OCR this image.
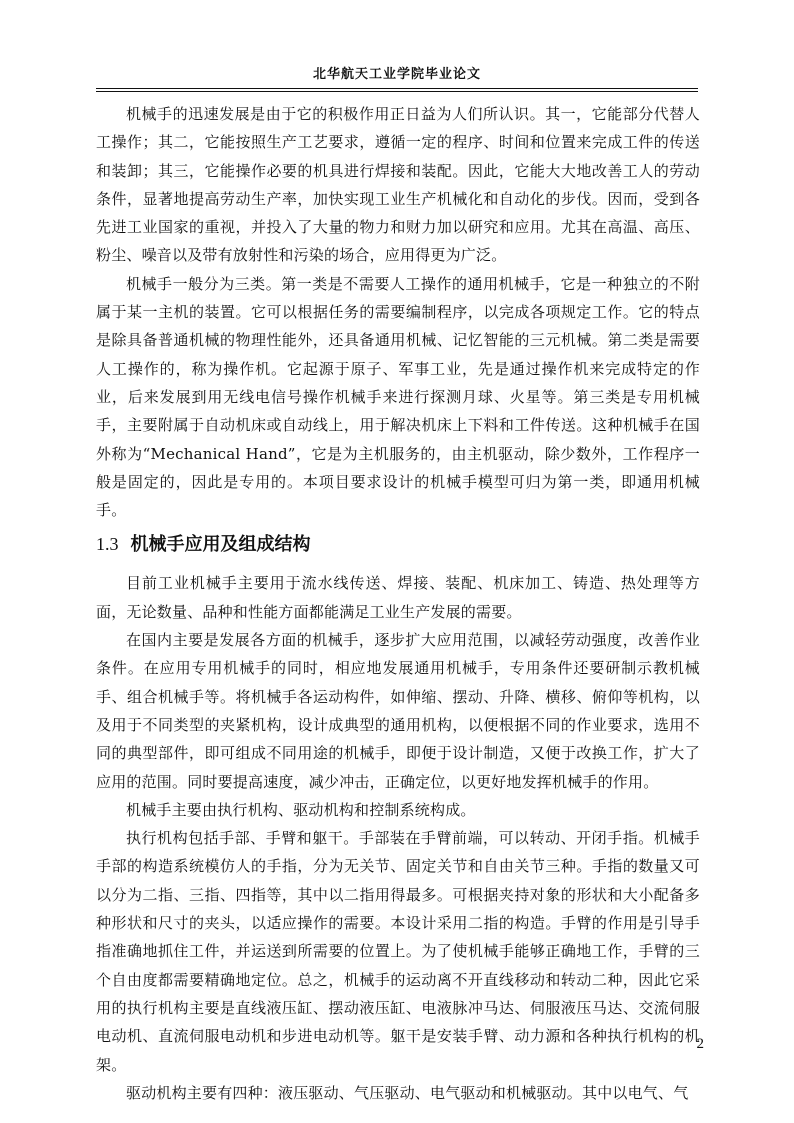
北华航天工业学院毕业论文

机械手的迅速发展是由于它的积极作用正日益为人们所认识。其一，它能部分代替人工操作；其二，它能按照生产工艺要求，遵循一定的程序、时间和位置来完成工件的传送和装卸；其三，它能操作必要的机具进行焊接和装配。因此，它能大大地改善工人的劳动条件，显著地提高劳动生产率，加快实现工业生产机械化和自动化的步伐。因而，受到各先进工业国家的重视，并投入了大量的物力和财力加以研究和应用。尤其在高温、高压、粉尘、噪音以及带有放射性和污染的场合，应用得更为广泛。

机械手一般分为三类。第一类是不需要人工操作的通用机械手，它是一种独立的不附属于某一主机的装置。它可以根据任务的需要编制程序，以完成各项规定工作。它的特点是除具备普通机械的物理性能外，还具备通用机械、记忆智能的三元机械。第二类是需要人工操作的，称为操作机。它起源于原子、军事工业，先是通过操作机来完成特定的作业，后来发展到用无线电信号操作机械手来进行探测月球、火星等。第三类是专用机械手，主要附属于自动机床或自动线上，用于解决机床上下料和工件传送。这种机械手在国外称为“Mechanical Hand”，它是为主机服务的，由主机驱动，除少数外，工作程序一般是固定的，因此是专用的。本项目要求设计的机械手模型可归为第一类，即通用机械手。

1.3 机械手应用及组成结构

目前工业机械手主要用于流水线传送、焊接、装配、机床加工、铸造、热处理等方面，无论数量、品种和性能方面都能满足工业生产发展的需要。

在国内主要是发展各方面的机械手，逐步扩大应用范围，以减轻劳动强度，改善作业条件。在应用专用机械手的同时，相应地发展通用机械手，专用条件还要研制示教机械手、组合机械手等。将机械手各运动构件，如伸缩、摆动、升降、横移、俯仰等机构，以及用于不同类型的夹紧机构，设计成典型的通用机构，以便根据不同的作业要求，选用不同的典型部件，即可组成不同用途的机械手，即便于设计制造，又便于改换工作，扩大了应用的范围。同时要提高速度，减少冲击，正确定位，以更好地发挥机械手的作用。

机械手主要由执行机构、驱动机构和控制系统构成。

执行机构包括手部、手臂和躯干。手部装在手臂前端，可以转动、开闭手指。机械手手部的构造系统模仿人的手指，分为无关节、固定关节和自由关节三种。手指的数量又可以分为二指、三指、四指等，其中以二指用得最多。可根据夹持对象的形状和大小配备多种形状和尺寸的夹头，以适应操作的需要。本设计采用二指的构造。手臂的作用是引导手指准确地抓住工件，并运送到所需要的位置上。为了使机械手能够正确地工作，手臂的三个自由度都需要精确地定位。总之，机械手的运动离不开直线移动和转动二种，因此它采用的执行机构主要是直线液压缸、摆动液压缸、电液脉冲马达、伺服液压马达、交流伺服电动机、直流伺服电动机和步进电动机等。躯干是安装手臂、动力源和各种执行机构的机架。

驱动机构主要有四种：液压驱动、气压驱动、电气驱动和机械驱动。其中以电气、气

2
